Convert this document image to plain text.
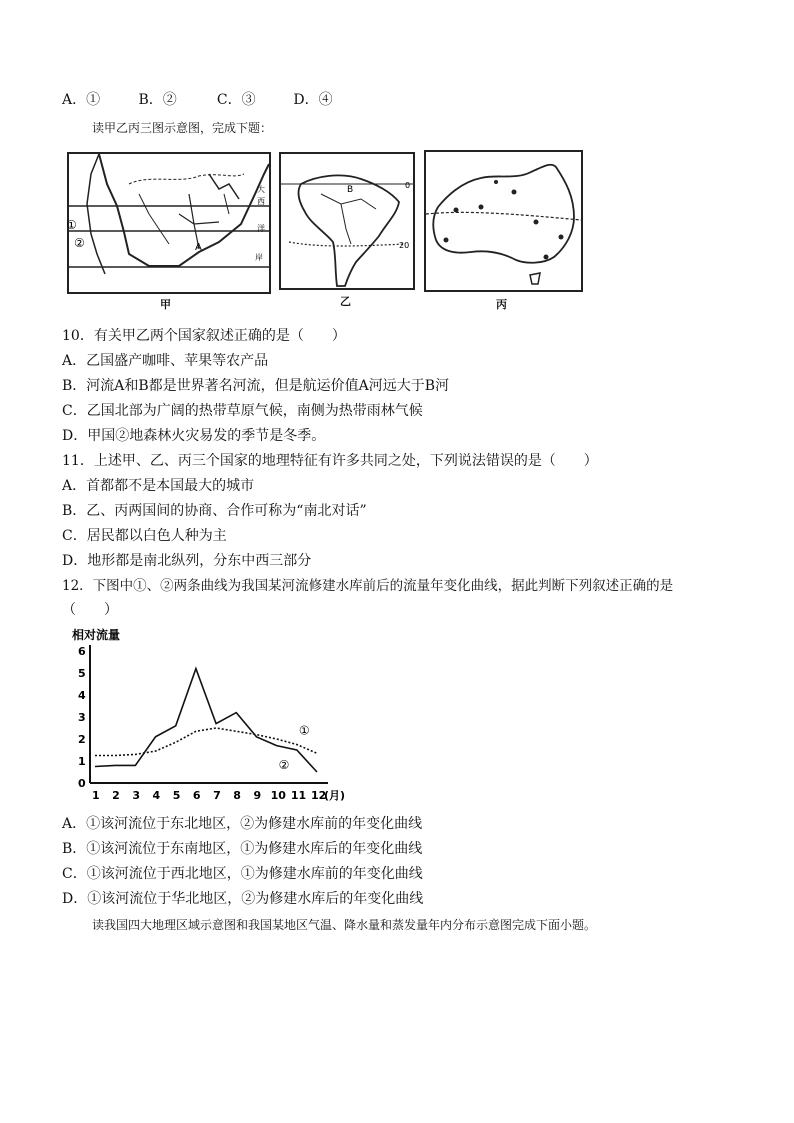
A．①	B．②	C．③	D．④
读甲乙丙三图示意图，完成下题：
①
②	A
大
西
洋
岸
甲
B	0
20
乙	丙
10．有关甲乙两个国家叙述正确的是（　　）
A．乙国盛产咖啡、苹果等农产品
B．河流A和B都是世界著名河流，但是航运价值A河远大于B河
C．乙国北部为广阔的热带草原气候，南侧为热带雨林气候
D．甲国②地森林火灾易发的季节是冬季。
11．上述甲、乙、丙三个国家的地理特征有许多共同之处，下列说法错误的是（　　）
A．首都都不是本国最大的城市
B．乙、丙两国间的协商、合作可称为“南北对话”
C．居民都以白色人种为主
D．地形都是南北纵列，分东中西三部分
12．下图中①、②两条曲线为我国某河流修建水库前后的流量年变化曲线，据此判断下列叙述正确的是
（　　）
相对流量
0
1
2
3
4
5
6
1 2 3 4 5 6 7 8 9 10 11 12
(月)
①
②
A．①该河流位于东北地区，②为修建水库前的年变化曲线
B．①该河流位于东南地区，①为修建水库后的年变化曲线
C．①该河流位于西北地区，①为修建水库前的年变化曲线
D．①该河流位于华北地区，②为修建水库后的年变化曲线
读我国四大地理区域示意图和我国某地区气温、降水量和蒸发量年内分布示意图完成下面小题。
